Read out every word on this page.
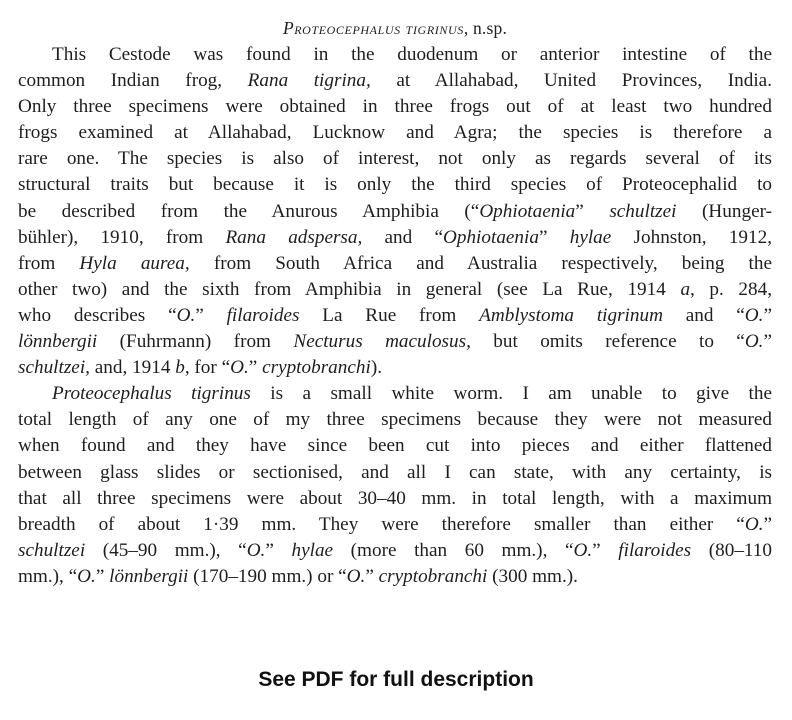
Proteocephalus tigrinus, n.sp.
This Cestode was found in the duodenum or anterior intestine of the
common Indian frog, Rana tigrina, at Allahabad, United Provinces, India.
Only three specimens were obtained in three frogs out of at least two hundred
frogs examined at Allahabad, Lucknow and Agra; the species is therefore a
rare one. The species is also of interest, not only as regards several of its
structural traits but because it is only the third species of Proteocephalid to
be described from the Anurous Amphibia (“Ophiotaenia” schultzei (Hunger-
bühler), 1910, from Rana adspersa, and “Ophiotaenia” hylae Johnston, 1912,
from Hyla aurea, from South Africa and Australia respectively, being the
other two) and the sixth from Amphibia in general (see La Rue, 1914 a, p. 284,
who describes “O.” filaroides La Rue from Amblystoma tigrinum and “O.”
lönnbergii (Fuhrmann) from Necturus maculosus, but omits reference to “O.”
schultzei, and, 1914 b, for “O.” cryptobranchi).
Proteocephalus tigrinus is a small white worm. I am unable to give the
total length of any one of my three specimens because they were not measured
when found and they have since been cut into pieces and either flattened
between glass slides or sectionised, and all I can state, with any certainty, is
that all three specimens were about 30–40 mm. in total length, with a maximum
breadth of about 1·39 mm. They were therefore smaller than either “O.”
schultzei (45–90 mm.), “O.” hylae (more than 60 mm.), “O.” filaroides (80–110
mm.), “O.” lönnbergii (170–190 mm.) or “O.” cryptobranchi (300 mm.).
See PDF for full description
